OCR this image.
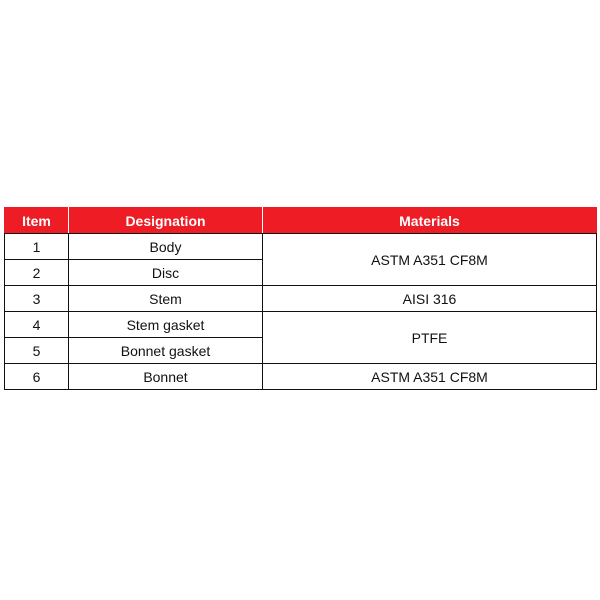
Item	Designation	Materials
1	Body	ASTM A351 CF8M
2	Disc	
3	Stem	AISI 316
4	Stem gasket	PTFE
5	Bonnet gasket	
6	Bonnet	ASTM A351 CF8M
